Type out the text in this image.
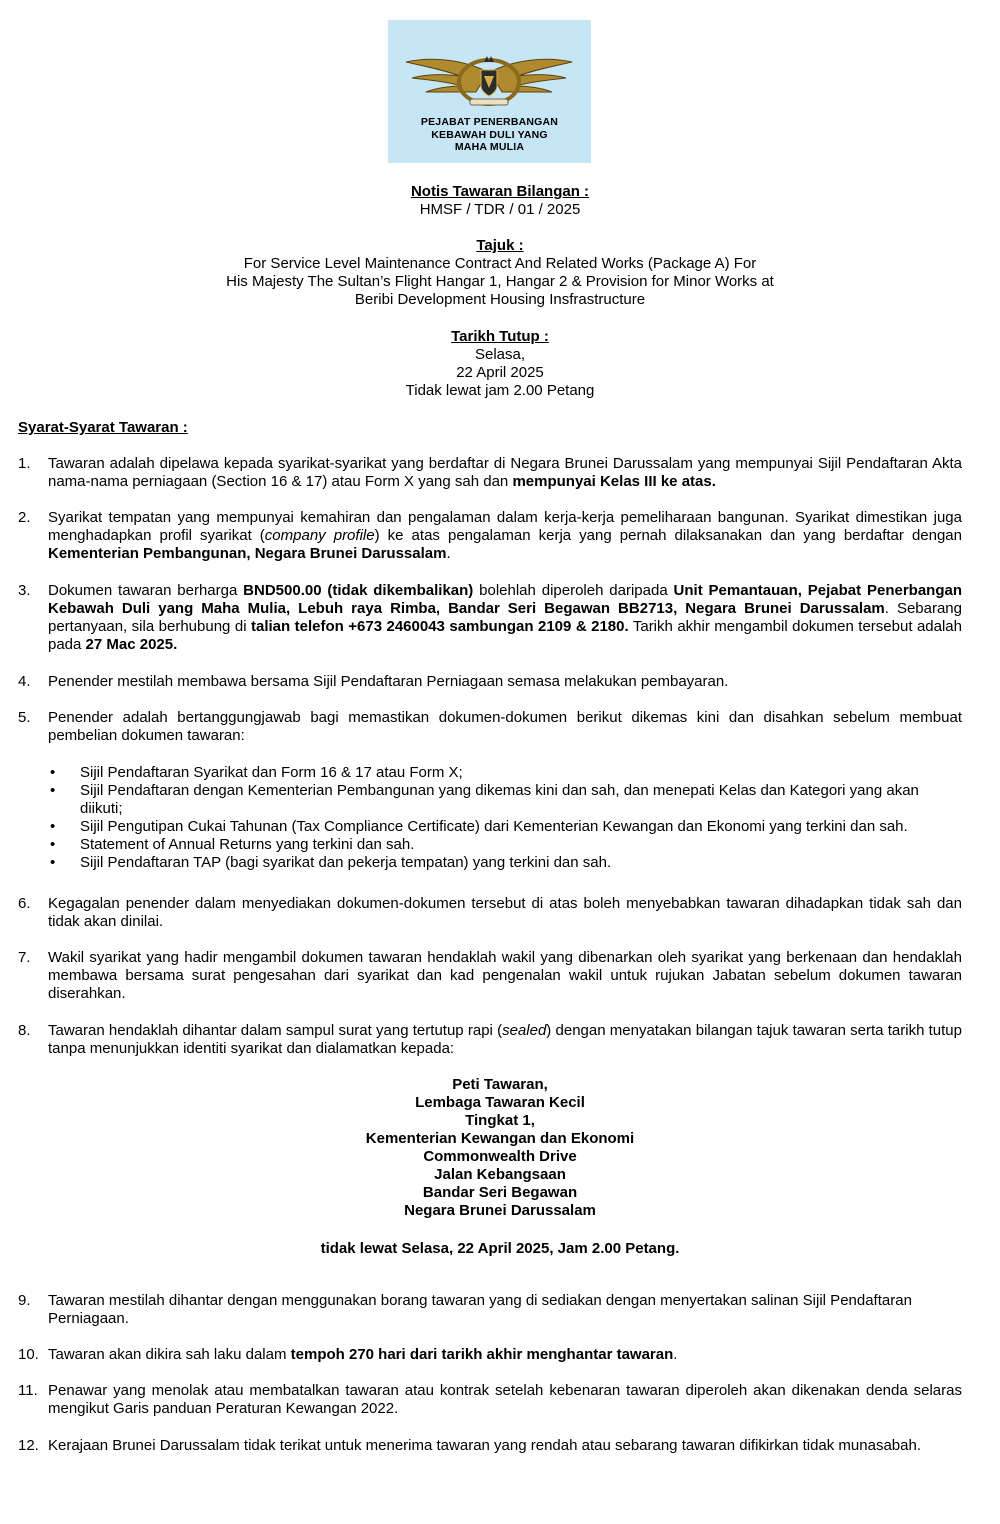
PEJABAT PENERBANGAN
KEBAWAH DULI YANG
MAHA MULIA
Notis Tawaran Bilangan :
HMSF / TDR / 01 / 2025
Tajuk :
For Service Level Maintenance Contract And Related Works (Package A) For
His Majesty The Sultan’s Flight Hangar 1, Hangar 2 & Provision for Minor Works at
Beribi Development Housing Insfrastructure
Tarikh Tutup :
Selasa,
22 April 2025
Tidak lewat jam 2.00 Petang
Syarat-Syarat Tawaran :
1. Tawaran adalah dipelawa kepada syarikat-syarikat yang berdaftar di Negara Brunei Darussalam yang mempunyai Sijil Pendaftaran Akta nama-nama perniagaan (Section 16 & 17) atau Form X yang sah dan mempunyai Kelas III ke atas.
2. Syarikat tempatan yang mempunyai kemahiran dan pengalaman dalam kerja-kerja pemeliharaan bangunan. Syarikat dimestikan juga menghadapkan profil syarikat (company profile) ke atas pengalaman kerja yang pernah dilaksanakan dan yang berdaftar dengan Kementerian Pembangunan, Negara Brunei Darussalam.
3. Dokumen tawaran berharga BND500.00 (tidak dikembalikan) bolehlah diperoleh daripada Unit Pemantauan, Pejabat Penerbangan Kebawah Duli yang Maha Mulia, Lebuh raya Rimba, Bandar Seri Begawan BB2713, Negara Brunei Darussalam. Sebarang pertanyaan, sila berhubung di talian telefon +673 2460043 sambungan 2109 & 2180. Tarikh akhir mengambil dokumen tersebut adalah pada 27 Mac 2025.
4. Penender mestilah membawa bersama Sijil Pendaftaran Perniagaan semasa melakukan pembayaran.
5. Penender adalah bertanggungjawab bagi memastikan dokumen-dokumen berikut dikemas kini dan disahkan sebelum membuat pembelian dokumen tawaran:
• Sijil Pendaftaran Syarikat dan Form 16 & 17 atau Form X;
• Sijil Pendaftaran dengan Kementerian Pembangunan yang dikemas kini dan sah, dan menepati Kelas dan Kategori yang akan diikuti;
• Sijil Pengutipan Cukai Tahunan (Tax Compliance Certificate) dari Kementerian Kewangan dan Ekonomi yang terkini dan sah.
• Statement of Annual Returns yang terkini dan sah.
• Sijil Pendaftaran TAP (bagi syarikat dan pekerja tempatan) yang terkini dan sah.
6. Kegagalan penender dalam menyediakan dokumen-dokumen tersebut di atas boleh menyebabkan tawaran dihadapkan tidak sah dan tidak akan dinilai.
7. Wakil syarikat yang hadir mengambil dokumen tawaran hendaklah wakil yang dibenarkan oleh syarikat yang berkenaan dan hendaklah membawa bersama surat pengesahan dari syarikat dan kad pengenalan wakil untuk rujukan Jabatan sebelum dokumen tawaran diserahkan.
8. Tawaran hendaklah dihantar dalam sampul surat yang tertutup rapi (sealed) dengan menyatakan bilangan tajuk tawaran serta tarikh tutup tanpa menunjukkan identiti syarikat dan dialamatkan kepada:
Peti Tawaran,
Lembaga Tawaran Kecil
Tingkat 1,
Kementerian Kewangan dan Ekonomi
Commonwealth Drive
Jalan Kebangsaan
Bandar Seri Begawan
Negara Brunei Darussalam
tidak lewat Selasa, 22 April 2025, Jam 2.00 Petang.
9. Tawaran mestilah dihantar dengan menggunakan borang tawaran yang di sediakan dengan menyertakan salinan Sijil Pendaftaran Perniagaan.
10. Tawaran akan dikira sah laku dalam tempoh 270 hari dari tarikh akhir menghantar tawaran.
11. Penawar yang menolak atau membatalkan tawaran atau kontrak setelah kebenaran tawaran diperoleh akan dikenakan denda selaras mengikut Garis panduan Peraturan Kewangan 2022.
12. Kerajaan Brunei Darussalam tidak terikat untuk menerima tawaran yang rendah atau sebarang tawaran difikirkan tidak munasabah.
